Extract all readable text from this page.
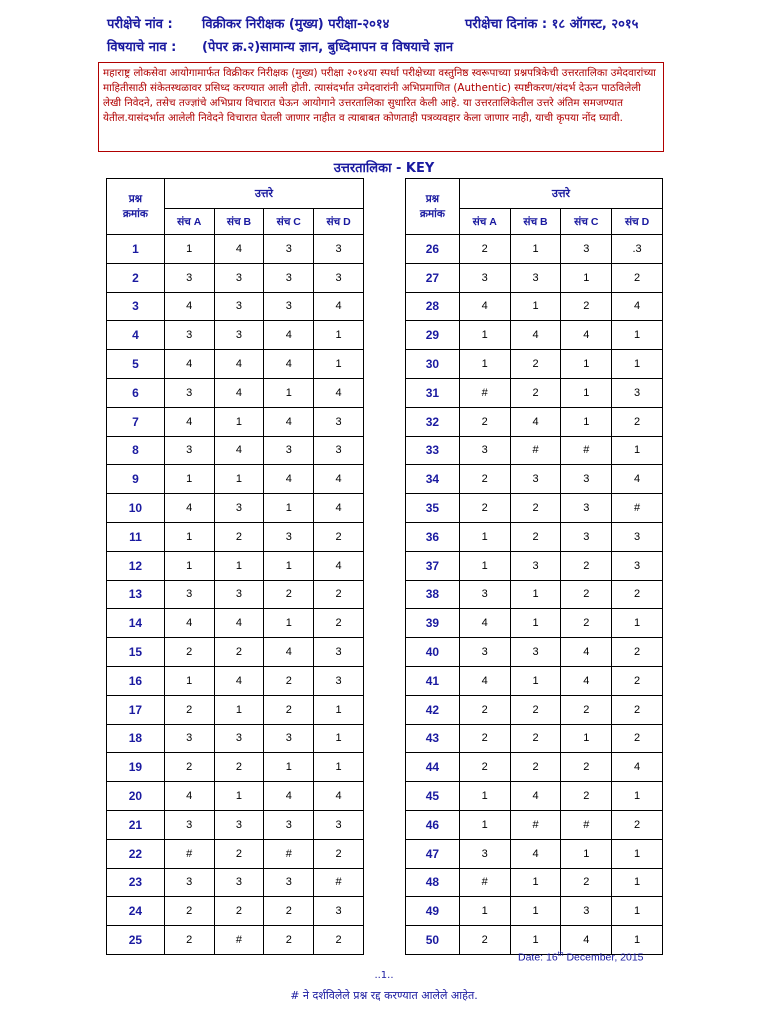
परीक्षेचे नांव : विक्रीकर निरीक्षक (मुख्य) परीक्षा-२०१४	परीक्षेचा दिनांक : १८ ऑगस्ट, २०१५
विषयाचे नाव : (पेपर क्र.२)सामान्य ज्ञान, बुध्दिमापन व विषयाचे ज्ञान
महाराष्ट्र लोकसेवा आयोगामार्फत विक्रीकर निरीक्षक (मुख्य) परीक्षा २०१४या स्पर्धा परीक्षेच्या वस्तुनिष्ठ स्वरूपाच्या प्रश्नपत्रिकेची उत्तरतालिका उमेदवारांच्या माहितीसाठी संकेतस्थळावर प्रसिध्द करण्यात आली होती. त्यासंदर्भात उमेदवारांनी अभिप्रमाणित (Authentic) स्पष्टीकरण/संदर्भ देऊन पाठविलेली लेखी निवेदने, तसेच तज्ज्ञांचे अभिप्राय विचारात घेऊन आयोगाने उत्तरतालिका सुधारित केली आहे. या उत्तरतालिकेतील उत्तरे अंतिम समजण्यात येतील.यासंदर्भात आलेली निवेदने विचारात घेतली जाणार नाहीत व त्याबाबत कोणताही पत्रव्यवहार केला जाणार नाही, याची कृपया नोंद घ्यावी.
उत्तरतालिका - KEY
प्रश्न
क्रमांक	उत्तरे			
	संच A	संच B	संच C	संच D
1	1	4	3	3
2	3	3	3	3
3	4	3	3	4
4	3	3	4	1
5	4	4	4	1
6	3	4	1	4
7	4	1	4	3
8	3	4	3	3
9	1	1	4	4
10	4	3	1	4
11	1	2	3	2
12	1	1	1	4
13	3	3	2	2
14	4	4	1	2
15	2	2	4	3
16	1	4	2	3
17	2	1	2	1
18	3	3	3	1
19	2	2	1	1
20	4	1	4	4
21	3	3	3	3
22	#	2	#	2
23	3	3	3	#
24	2	2	2	3
25	2	#	2	2
प्रश्न
क्रमांक	उत्तरे			
	संच A	संच B	संच C	संच D
26	2	1	3	.3
27	3	3	1	2
28	4	1	2	4
29	1	4	4	1
30	1	2	1	1
31	#	2	1	3
32	2	4	1	2
33	3	#	#	1
34	2	3	3	4
35	2	2	3	#
36	1	2	3	3
37	1	3	2	3
38	3	1	2	2
39	4	1	2	1
40	3	3	4	2
41	4	1	4	2
42	2	2	2	2
43	2	2	1	2
44	2	2	2	4
45	1	4	2	1
46	1	#	#	2
47	3	4	1	1
48	#	1	2	1
49	1	1	3	1
50	2	1	4	1
Date: 16th December, 2015
..1..
# ने दर्शविलेले प्रश्न रद्द करण्यात आलेले आहेत.
